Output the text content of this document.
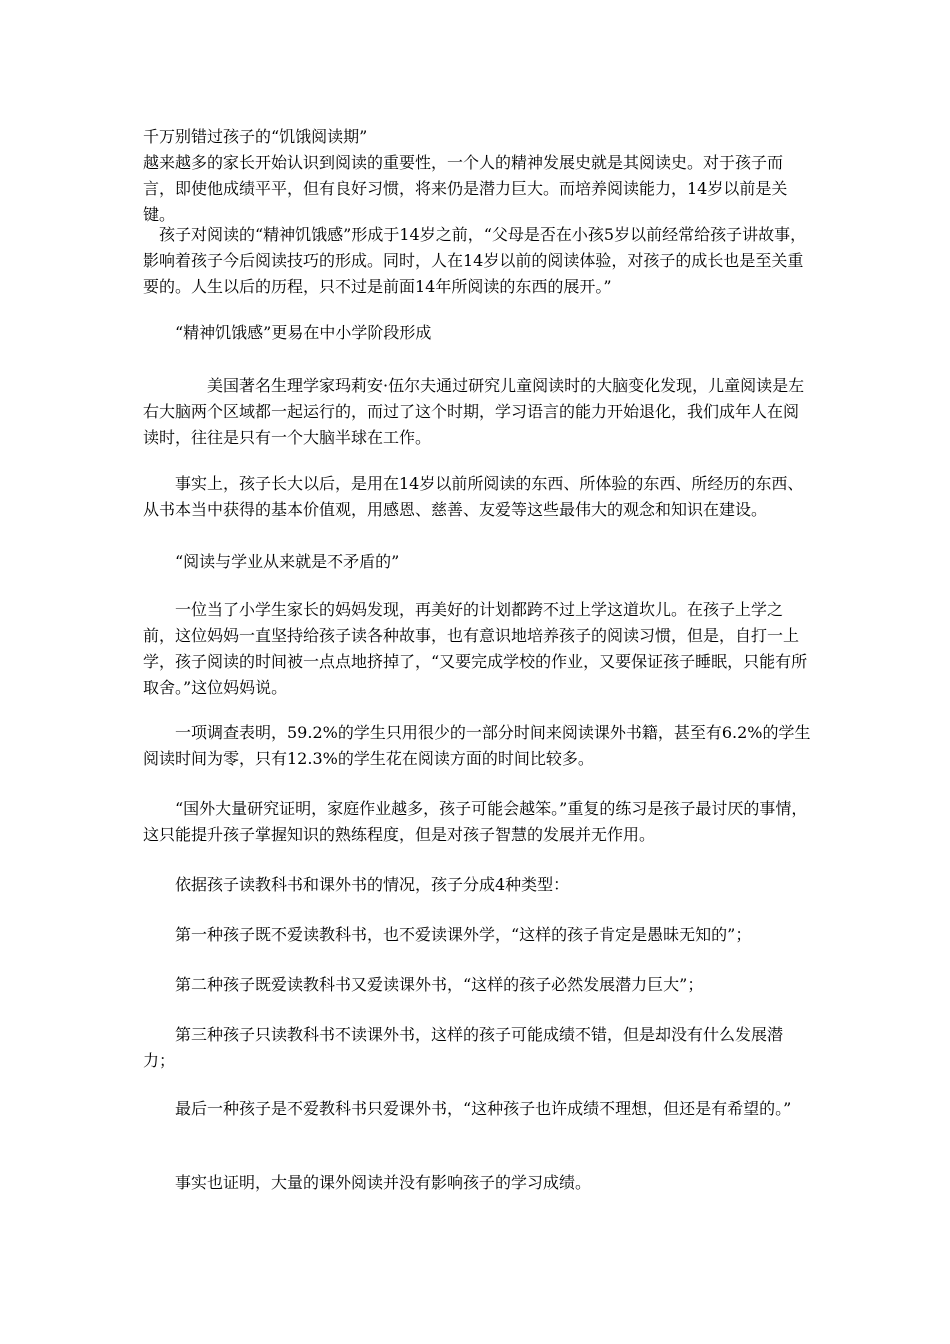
千万别错过孩子的“饥饿阅读期”

越来越多的家长开始认识到阅读的重要性，一个人的精神发展史就是其阅读史。对于孩子而言，即使他成绩平平，但有良好习惯，将来仍是潜力巨大。而培养阅读能力，14岁以前是关键。

孩子对阅读的“精神饥饿感”形成于14岁之前，“父母是否在小孩5岁以前经常给孩子讲故事，影响着孩子今后阅读技巧的形成。同时，人在14岁以前的阅读体验，对孩子的成长也是至关重要的。人生以后的历程，只不过是前面14年所阅读的东西的展开。”

“精神饥饿感”更易在中小学阶段形成

美国著名生理学家玛莉安·伍尔夫通过研究儿童阅读时的大脑变化发现，儿童阅读是左右大脑两个区域都一起运行的，而过了这个时期，学习语言的能力开始退化，我们成年人在阅读时，往往是只有一个大脑半球在工作。

事实上，孩子长大以后，是用在14岁以前所阅读的东西、所体验的东西、所经历的东西、从书本当中获得的基本价值观，用感恩、慈善、友爱等这些最伟大的观念和知识在建设。

“阅读与学业从来就是不矛盾的”

一位当了小学生家长的妈妈发现，再美好的计划都跨不过上学这道坎儿。在孩子上学之前，这位妈妈一直坚持给孩子读各种故事，也有意识地培养孩子的阅读习惯，但是，自打一上学，孩子阅读的时间被一点点地挤掉了，“又要完成学校的作业，又要保证孩子睡眠，只能有所取舍。”这位妈妈说。

一项调查表明，59.2%的学生只用很少的一部分时间来阅读课外书籍，甚至有6.2%的学生阅读时间为零，只有12.3%的学生花在阅读方面的时间比较多。

“国外大量研究证明，家庭作业越多，孩子可能会越笨。”重复的练习是孩子最讨厌的事情，这只能提升孩子掌握知识的熟练程度，但是对孩子智慧的发展并无作用。

依据孩子读教科书和课外书的情况，孩子分成4种类型：

第一种孩子既不爱读教科书，也不爱读课外学，“这样的孩子肯定是愚昧无知的”；

第二种孩子既爱读教科书又爱读课外书，“这样的孩子必然发展潜力巨大”；

第三种孩子只读教科书不读课外书，这样的孩子可能成绩不错，但是却没有什么发展潜力；

最后一种孩子是不爱教科书只爱课外书，“这种孩子也许成绩不理想，但还是有希望的。”

事实也证明，大量的课外阅读并没有影响孩子的学习成绩。
